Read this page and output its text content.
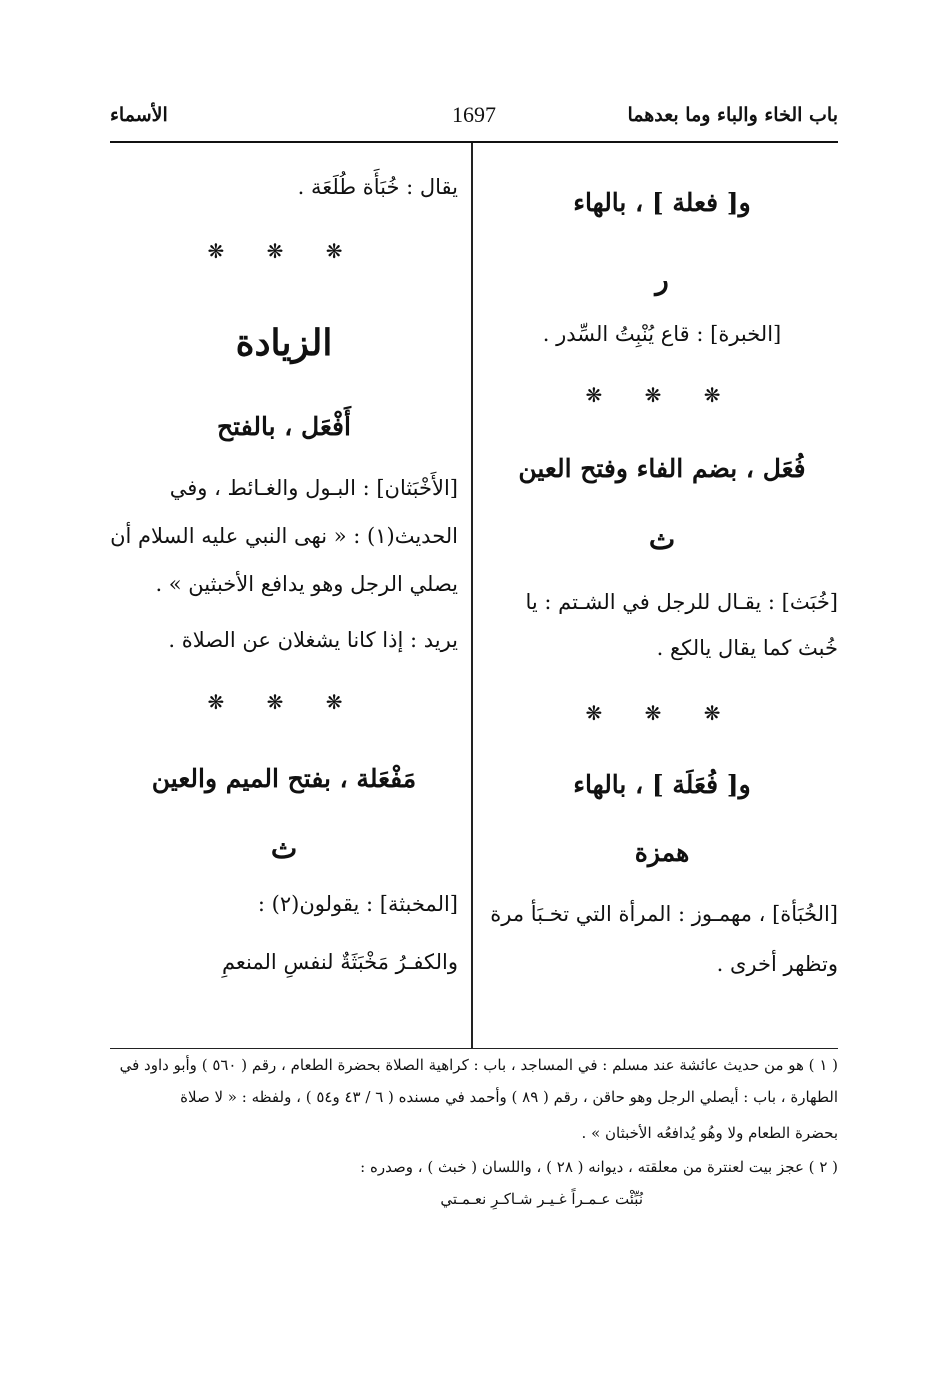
باب الخاء والباء وما بعدهما
1697
الأسماء
و[ فعلة ] ، بالهاء
ر
[الخبرة] : قاع يُنْبِتُ السِّدر .
❋ ❋ ❋
فُعَل ، بضم الفاء وفتح العين
ث
[خُبَث] : يقـال للرجل في الشـتم : يا
خُبث كما يقال يالكع .
❋ ❋ ❋
و[ فُعَلَة ] ، بالهاء
همزة
[الخُبَأة] ، مهمـوز : المرأة التي تخـبَأ مرة
وتظهر أخرى .
يقال : خُبَأَة طُلَعَة .
❋ ❋ ❋
الزيادة
أَفْعَل ، بالفتح
[الأَخْبَثان] : البـول والغـائط ، وفي
الحديث(١) : « نهى النبي عليه السلام أن
يصلي الرجل وهو يدافع الأخبثين » .
يريد : إذا كانا يشغلان عن الصلاة .
❋ ❋ ❋
مَفْعَلة ، بفتح الميم والعين
ث
[المخبثة] : يقولون(٢) :
والكفـرُ مَخْبَثَةٌ لنفسِ المنعمِ
( ١ ) هو من حديث عائشة عند مسلم : في المساجد ، باب : كراهية الصلاة بحضرة الطعام ، رقم ( ٥٦٠ ) وأبو داود في
الطهارة ، باب : أيصلي الرجل وهو حاقن ، رقم ( ٨٩ ) وأحمد في مسنده ( ٦ / ٤٣ و٥٤ ) ، ولفظه : « لا صلاة
بحضرة الطعام ولا وهُو يُدافعُه الأخبثان » .
( ٢ ) عجز بيت لعنترة من معلقته ، ديوانه ( ٢٨ ) ، واللسان ( خبث ) ، وصدره :
نُبِّئْت عـمـراً غـيـر شـاكـرِ نعـمـتي
